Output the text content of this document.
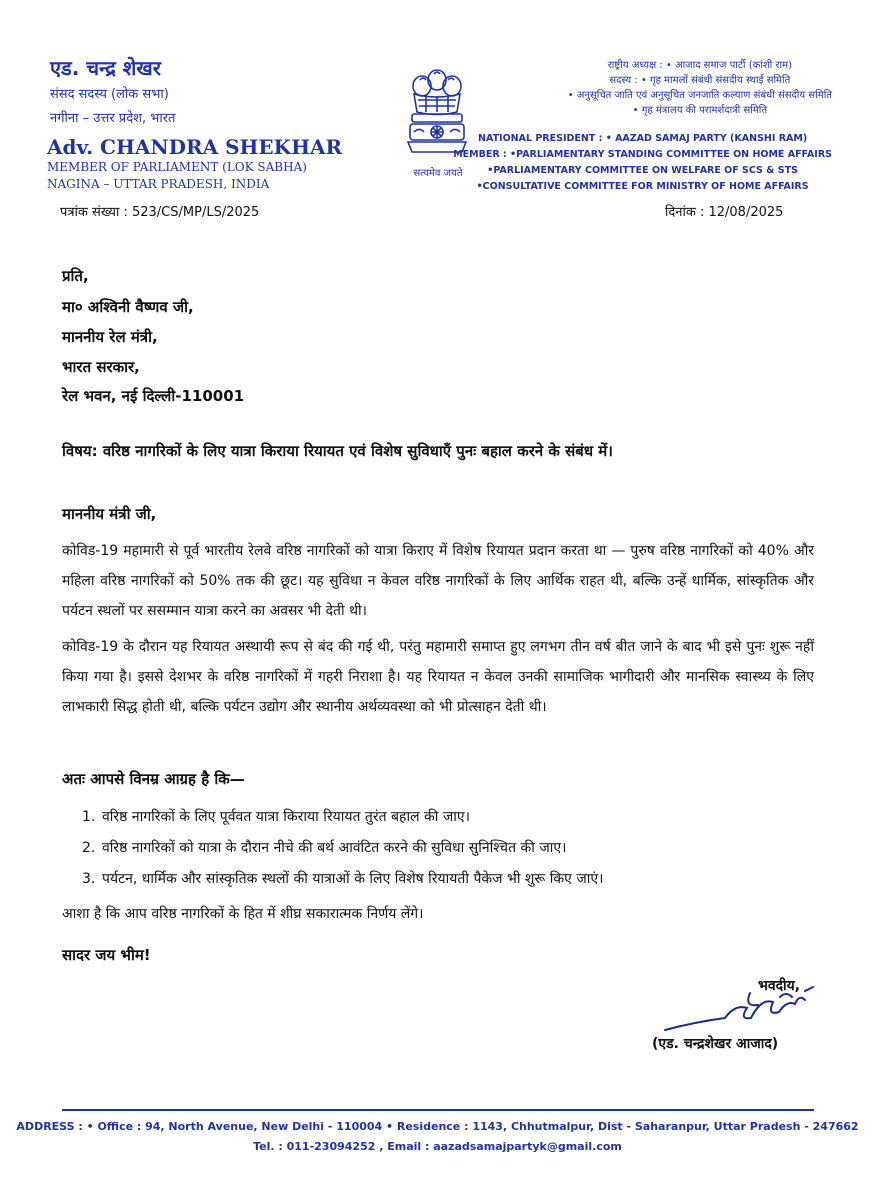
एड. चन्द्र शेखर
संसद सदस्य (लोक सभा)
नगीना – उत्तर प्रदेश, भारत
Adv. CHANDRA SHEKHAR
MEMBER OF PARLIAMENT (LOK SABHA)
NAGINA – UTTAR PRADESH, INDIA
सत्यमेव जयते
राष्ट्रीय अध्यक्ष : • आजाद समाज पार्टी (कांशी राम)
सदस्य : • गृह मामलों संबंधी संसदीय स्थाई समिति
• अनुसूचित जाति एवं अनुसूचित जनजाति कल्याण संबंधी संसदीय समिति
• गृह मंत्रालय की परामर्शदात्री समिति
NATIONAL PRESIDENT : • AAZAD SAMAJ PARTY (KANSHI RAM)
MEMBER : •PARLIAMENTARY STANDING COMMITTEE ON HOME AFFAIRS
•PARLIAMENTARY COMMITTEE ON WELFARE OF SCS & STS
•CONSULTATIVE COMMITTEE FOR MINISTRY OF HOME AFFAIRS
पत्रांक संख्या : 523/CS/MP/LS/2025	दिनांक : 12/08/2025
प्रति,
मा० अश्विनी वैष्णव जी,
माननीय रेल मंत्री,
भारत सरकार,
रेल भवन, नई दिल्ली-110001
विषय: वरिष्ठ नागरिकों के लिए यात्रा किराया रियायत एवं विशेष सुविधाएँ पुनः बहाल करने के संबंध में।
माननीय मंत्री जी,
कोविड-19 महामारी से पूर्व भारतीय रेलवे वरिष्ठ नागरिकों को यात्रा किराए में विशेष रियायत प्रदान करता था — पुरुष वरिष्ठ नागरिकों को 40% और महिला वरिष्ठ नागरिकों को 50% तक की छूट। यह सुविधा न केवल वरिष्ठ नागरिकों के लिए आर्थिक राहत थी, बल्कि उन्हें धार्मिक, सांस्कृतिक और पर्यटन स्थलों पर ससम्मान यात्रा करने का अवसर भी देती थी।
कोविड-19 के दौरान यह रियायत अस्थायी रूप से बंद की गई थी, परंतु महामारी समाप्त हुए लगभग तीन वर्ष बीत जाने के बाद भी इसे पुनः शुरू नहीं किया गया है। इससे देशभर के वरिष्ठ नागरिकों में गहरी निराशा है। यह रियायत न केवल उनकी सामाजिक भागीदारी और मानसिक स्वास्थ्य के लिए लाभकारी सिद्ध होती थी, बल्कि पर्यटन उद्योग और स्थानीय अर्थव्यवस्था को भी प्रोत्साहन देती थी।
अतः आपसे विनम्र आग्रह है कि—
1. वरिष्ठ नागरिकों के लिए पूर्ववत यात्रा किराया रियायत तुरंत बहाल की जाए।
2. वरिष्ठ नागरिकों को यात्रा के दौरान नीचे की बर्थ आवंटित करने की सुविधा सुनिश्चित की जाए।
3. पर्यटन, धार्मिक और सांस्कृतिक स्थलों की यात्राओं के लिए विशेष रियायती पैकेज भी शुरू किए जाएं।
आशा है कि आप वरिष्ठ नागरिकों के हित में शीघ्र सकारात्मक निर्णय लेंगे।
सादर जय भीम!
भवदीय,
(एड. चन्द्रशेखर आजाद)
ADDRESS : • Office : 94, North Avenue, New Delhi - 110004 • Residence : 1143, Chhutmalpur, Dist - Saharanpur, Uttar Pradesh - 247662
Tel. : 011-23094252 , Email : aazadsamajpartyk@gmail.com
